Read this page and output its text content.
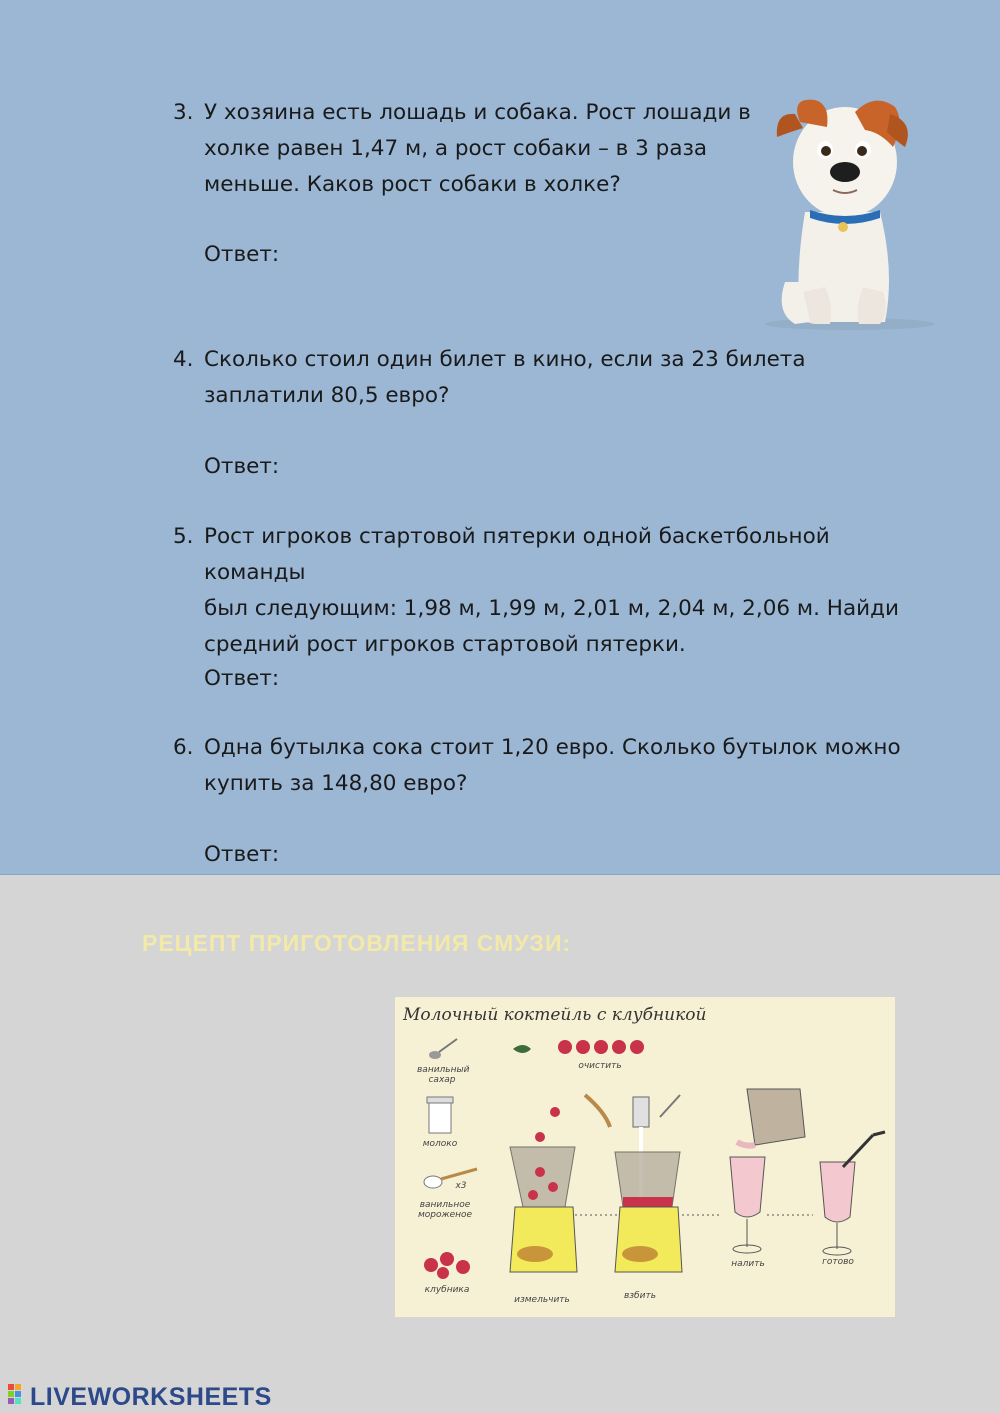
3. У хозяина есть лошадь и собака. Рост лошади в
холке равен 1,47 м, а рост собаки – в 3 раза
меньше. Каков рост собаки в холке?
Ответ:
4. Сколько стоил один билет в кино, если за 23 билета
заплатили 80,5 евро?
Ответ:
5. Рост игроков стартовой пятерки одной баскетбольной команды
был следующим: 1,98 м, 1,99 м, 2,01 м, 2,04 м, 2,06 м. Найди
средний рост игроков стартовой пятерки.
Ответ:
6. Одна бутылка сока стоит 1,20 евро. Сколько бутылок можно
купить за 148,80 евро?
Ответ:
РЕЦЕПТ ПРИГОТОВЛЕНИЯ СМУЗИ:
Молочный коктейль с клубникой
ванильный сахар
очистить
молоко
x3
ванильное мороженое
клубника
измельчить	взбить
налить	готово
LIVEWORKSHEETS
